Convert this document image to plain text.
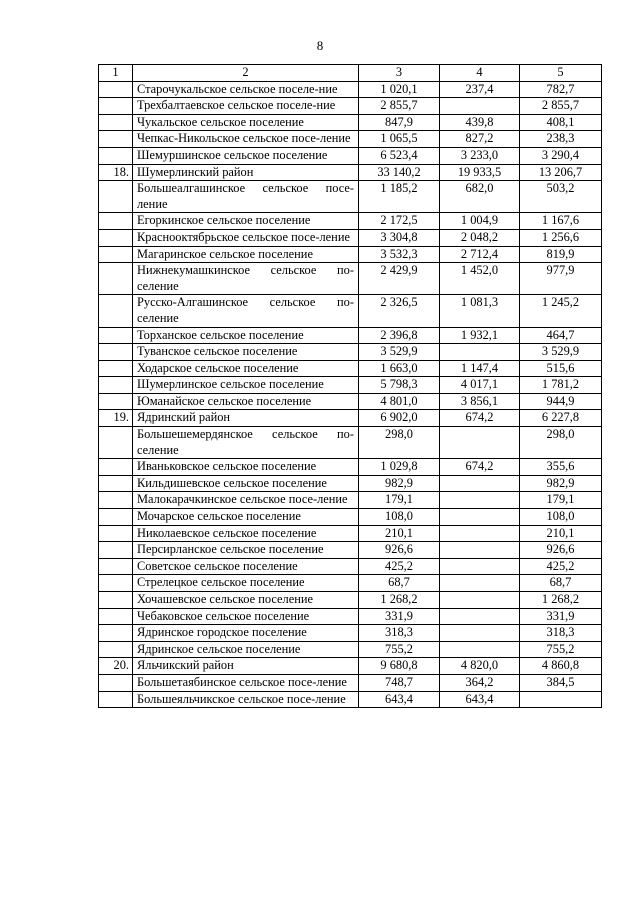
8
1	2	3	4	5
	Старочукальское сельское поселе-ние	1 020,1	237,4	782,7
	Трехбалтаевское сельское поселе-ние	2 855,7		2 855,7
	Чукальское сельское поселение	847,9	439,8	408,1
	Чепкас-Никольское сельское посе-ление	1 065,5	827,2	238,3
	Шемуршинское сельское поселение	6 523,4	3 233,0	3 290,4
18.	Шумерлинский район	33 140,2	19 933,5	13 206,7
	Большеалгашинское сельское посе-ление	1 185,2	682,0	503,2
	Егоркинское сельское поселение	2 172,5	1 004,9	1 167,6
	Краснооктябрьское сельское посе-ление	3 304,8	2 048,2	1 256,6
	Магаринское сельское поселение	3 532,3	2 712,4	819,9
	Нижнекумашкинское сельское по-селение	2 429,9	1 452,0	977,9
	Русско-Алгашинское сельское по-селение	2 326,5	1 081,3	1 245,2
	Торханское сельское поселение	2 396,8	1 932,1	464,7
	Туванское сельское поселение	3 529,9		3 529,9
	Ходарское сельское поселение	1 663,0	1 147,4	515,6
	Шумерлинское сельское поселение	5 798,3	4 017,1	1 781,2
	Юманайское сельское поселение	4 801,0	3 856,1	944,9
19.	Ядринский район	6 902,0	674,2	6 227,8
	Большешемердянское сельское по-селение	298,0		298,0
	Иваньковское сельское поселение	1 029,8	674,2	355,6
	Кильдишевское сельское поселение	982,9		982,9
	Малокарачкинское сельское посе-ление	179,1		179,1
	Мочарское сельское поселение	108,0		108,0
	Николаевское сельское поселение	210,1		210,1
	Персирланское сельское поселение	926,6		926,6
	Советское сельское поселение	425,2		425,2
	Стрелецкое сельское поселение	68,7		68,7
	Хочашевское сельское поселение	1 268,2		1 268,2
	Чебаковское сельское поселение	331,9		331,9
	Ядринское городское поселение	318,3		318,3
	Ядринское сельское поселение	755,2		755,2
20.	Яльчикский район	9 680,8	4 820,0	4 860,8
	Большетаябинское сельское посе-ление	748,7	364,2	384,5
	Большеяльчикское сельское посе-ление	643,4	643,4	
